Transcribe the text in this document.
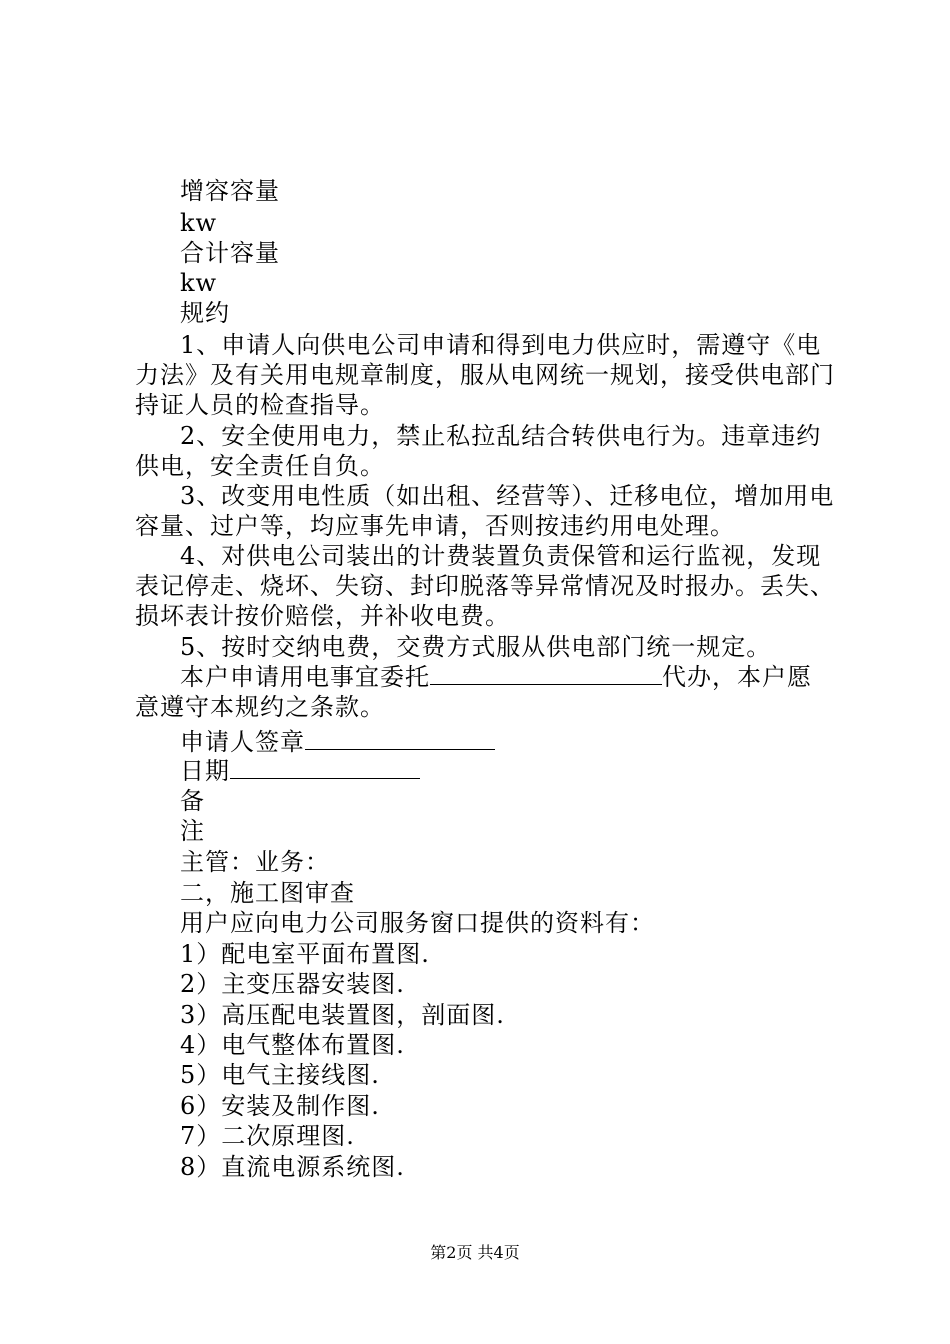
增容容量
kw
合计容量
kw
规约
1、申请人向供电公司申请和得到电力供应时，需遵守《电力法》及有关用电规章制度，服从电网统一规划，接受供电部门持证人员的检查指导。
2、安全使用电力，禁止私拉乱结合转供电行为。违章违约供电，安全责任自负。
3、改变用电性质（如出租、经营等）、迁移电位，增加用电容量、过户等，均应事先申请，否则按违约用电处理。
4、对供电公司装出的计费装置负责保管和运行监视，发现表记停走、烧坏、失窃、封印脱落等异常情况及时报办。丢失、损坏表计按价赔偿，并补收电费。
5、按时交纳电费，交费方式服从供电部门统一规定。
本户申请用电事宜委托	代办，本户愿意遵守本规约之条款。
申请人签章
日期
备
注
主管：业务：
二，施工图审查
用户应向电力公司服务窗口提供的资料有：
1）配电室平面布置图.
2）主变压器安装图.
3）高压配电装置图，剖面图.
4）电气整体布置图.
5）电气主接线图.
6）安装及制作图.
7）二次原理图.
8）直流电源系统图.
第2页 共4页
